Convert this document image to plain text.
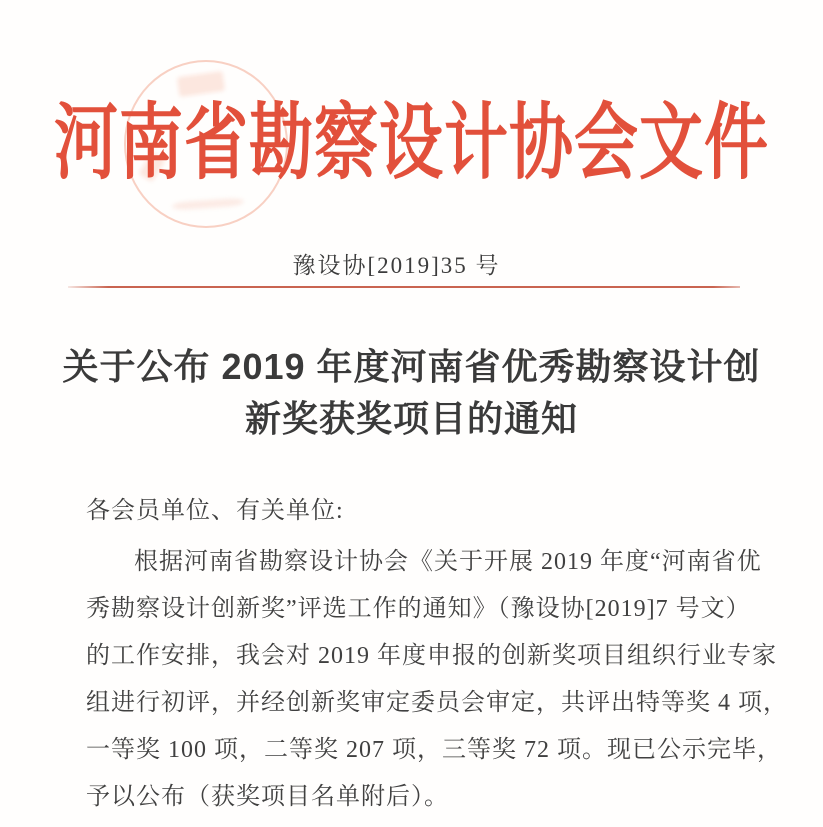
河南省勘察设计协会文件
豫设协[2019]35 号
关于公布 2019 年度河南省优秀勘察设计创
新奖获奖项目的通知
各会员单位、有关单位:
根据河南省勘察设计协会《关于开展 2019 年度“河南省优
秀勘察设计创新奖”评选工作的通知》（豫设协[2019]7 号文）
的工作安排，我会对 2019 年度申报的创新奖项目组织行业专家
组进行初评，并经创新奖审定委员会审定，共评出特等奖 4 项，
一等奖 100 项，二等奖 207 项，三等奖 72 项。现已公示完毕，
予以公布（获奖项目名单附后）。
